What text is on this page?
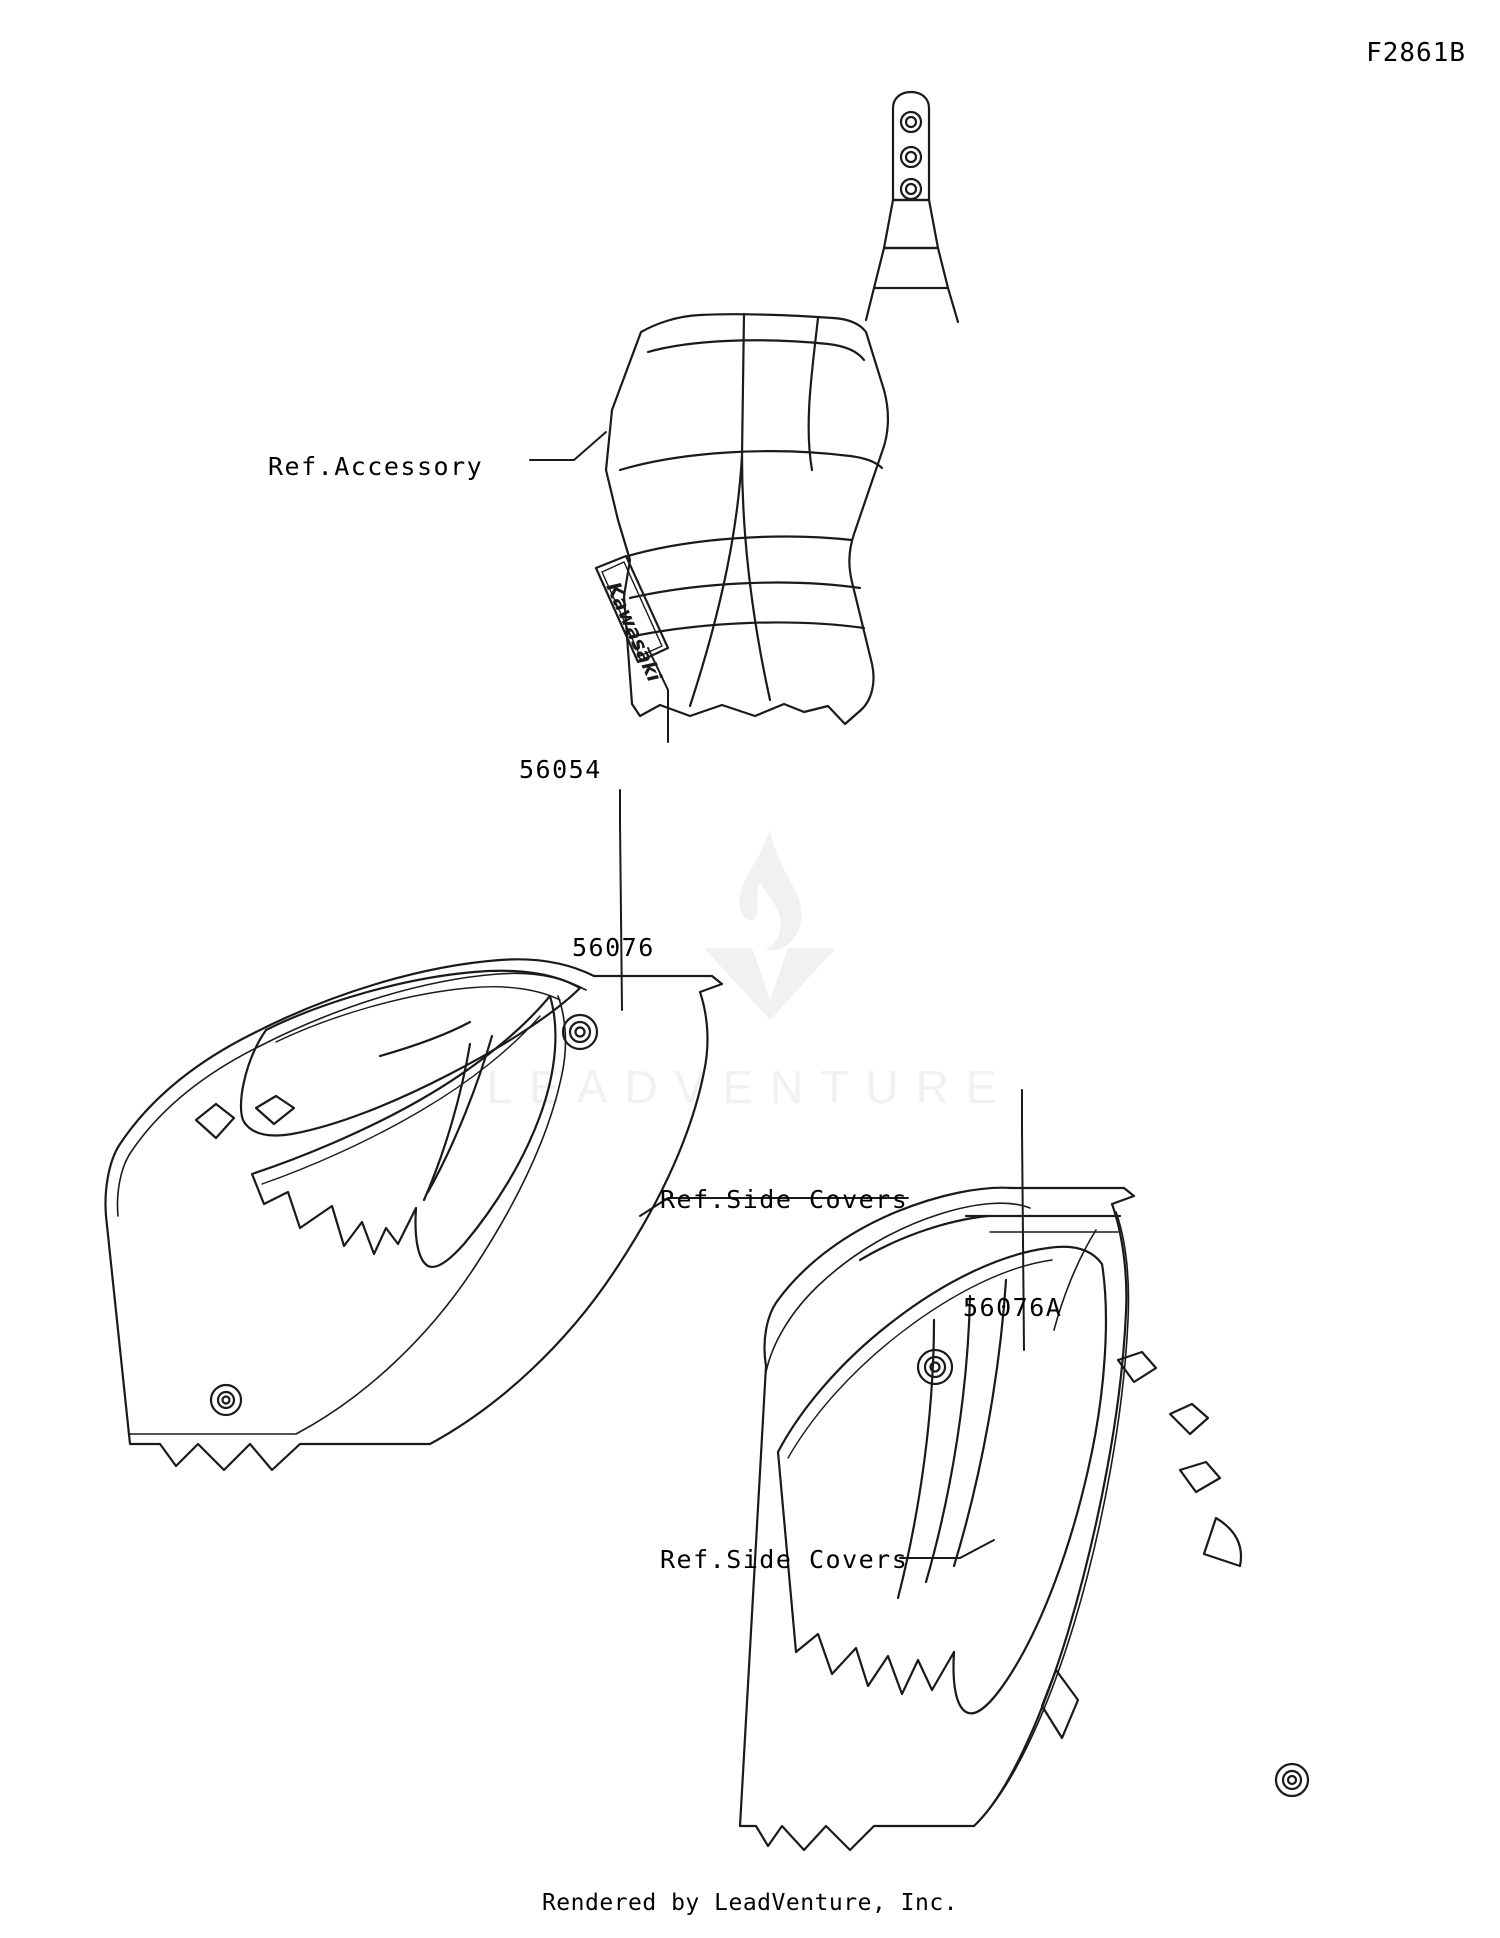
LEADVENTURE
Kawasaki
F2861B
Ref.Accessory
56054
56076
Ref.Side Covers
56076A
Ref.Side Covers
Rendered by LeadVenture, Inc.
